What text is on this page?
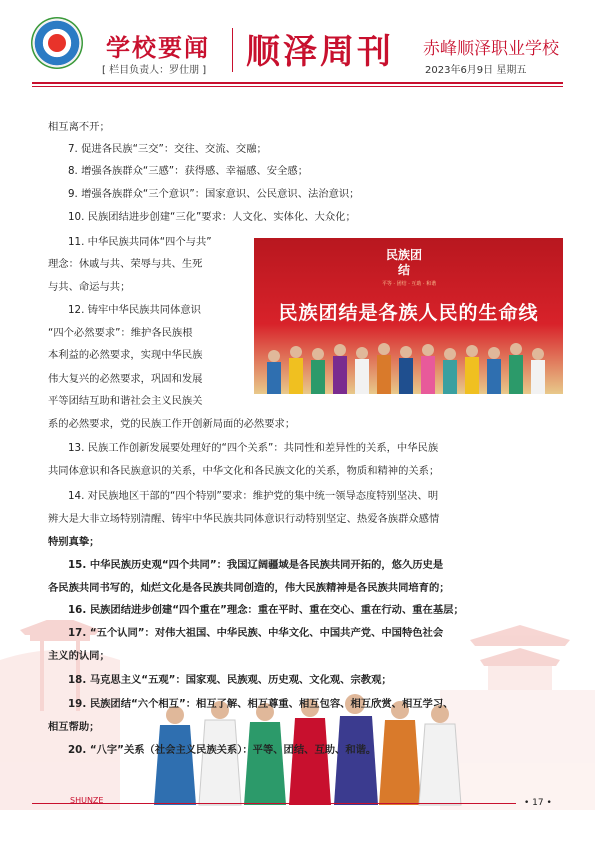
学校要闻
[ 栏目负责人：罗仕朋 ] 顺泽周刊 赤峰顺泽职业学校
2023年6月9日 星期五
相互离不开；
7. 促进各民族“三交”：交往、交流、交融；
8. 增强各族群众“三感”：获得感、幸福感、安全感；
9. 增强各族群众“三个意识”：国家意识、公民意识、法治意识；
10. 民族团结进步创建“三化”要求：人文化、实体化、大众化；
11. 中华民族共同体“四个与共”
理念：休戚与共、荣辱与共、生死
与共、命运与共；
12. 铸牢中华民族共同体意识
“四个必然要求”：维护各民族根
本利益的必然要求，实现中华民族
伟大复兴的必然要求，巩固和发展
平等团结互助和谐社会主义民族关
系的必然要求，党的民族工作开创新局面的必然要求；
13. 民族工作创新发展要处理好的“四个关系”：共同性和差异性的关系，中华民族
共同体意识和各民族意识的关系，中华文化和各民族文化的关系，物质和精神的关系；
14. 对民族地区干部的“四个特别”要求：维护党的集中统一领导态度特别坚决、明
辨大是大非立场特别清醒、铸牢中华民族共同体意识行动特别坚定、热爱各族群众感情
特别真挚；
15. 中华民族历史观“四个共同”：我国辽阔疆域是各民族共同开拓的，悠久历史是
各民族共同书写的，灿烂文化是各民族共同创造的，伟大民族精神是各民族共同培育的；
16. 民族团结进步创建“四个重在”理念：重在平时、重在交心、重在行动、重在基层；
17. “五个认同”：对伟大祖国、中华民族、中华文化、中国共产党、中国特色社会
主义的认同；
18. 马克思主义“五观”：国家观、民族观、历史观、文化观、宗教观；
19. 民族团结“六个相互”：相互了解、相互尊重、相互包容、相互欣赏、相互学习、
相互帮助；
20. “八字”关系（社会主义民族关系）：平等、团结、互助、和谐。
民族团结
平等 · 团结 · 互助 · 和谐
民族团结是各族人民的生命线
SHUNZE	• 17 •
